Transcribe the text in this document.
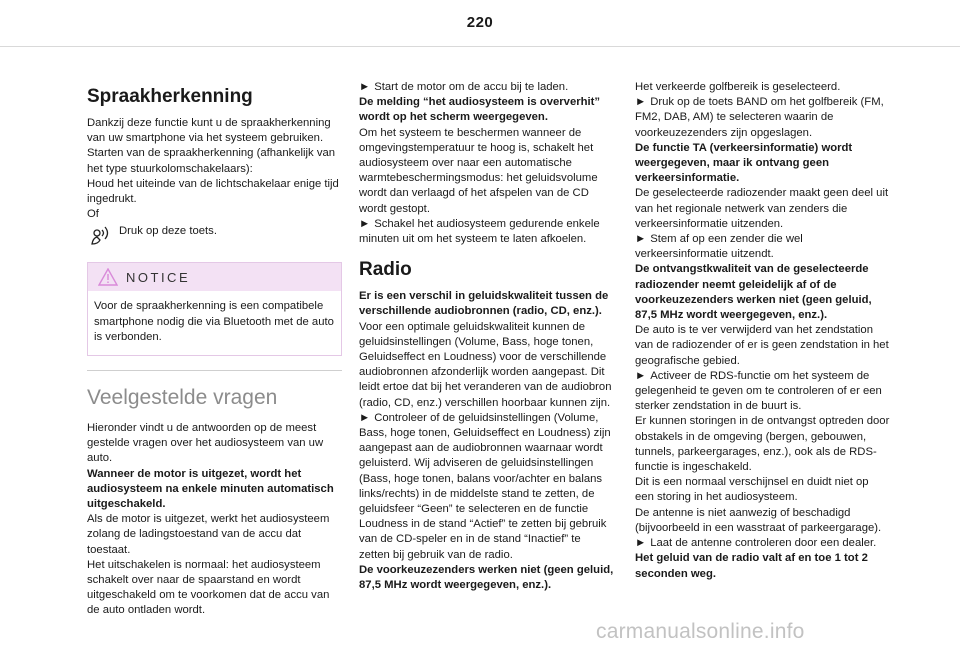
220
Spraakherkenning

Dankzij deze functie kunt u de spraakherkenning van uw smartphone via het systeem gebruiken.

Starten van de spraakherkenning (afhankelijk van het type stuurkolomschakelaars):

Houd het uiteinde van de lichtschakelaar enige tijd ingedrukt.

Of

Druk op deze toets.
NOTICE
Voor de spraakherkenning is een compatibele smartphone nodig die via Bluetooth met de auto is verbonden.
Veelgestelde vragen

Hieronder vindt u de antwoorden op de meest gestelde vragen over het audiosysteem van uw auto.

Wanneer de motor is uitgezet, wordt het audiosysteem na enkele minuten automatisch uitgeschakeld.

Als de motor is uitgezet, werkt het audiosysteem zolang de ladingstoestand van de accu dat toestaat.

Het uitschakelen is normaal: het audiosysteem schakelt over naar de spaarstand en wordt uitgeschakeld om te voorkomen dat de accu van de auto ontladen wordt.

► Start de motor om de accu bij te laden.

De melding “het audiosysteem is oververhit” wordt op het scherm weergegeven.

Om het systeem te beschermen wanneer de omgevingstemperatuur te hoog is, schakelt het audiosysteem over naar een automatische warmtebeschermingsmodus: het geluidsvolume wordt dan verlaagd of het afspelen van de CD wordt gestopt.

► Schakel het audiosysteem gedurende enkele minuten uit om het systeem te laten afkoelen.

Radio

Er is een verschil in geluidskwaliteit tussen de verschillende audiobronnen (radio, CD, enz.).

Voor een optimale geluidskwaliteit kunnen de geluidsinstellingen (Volume, Bass, hoge tonen, Geluidseffect en Loudness) voor de verschillende audiobronnen afzonderlijk worden aangepast. Dit leidt ertoe dat bij het veranderen van de audiobron (radio, CD, enz.) verschillen hoorbaar kunnen zijn.

► Controleer of de geluidsinstellingen (Volume, Bass, hoge tonen, Geluidseffect en Loudness) zijn aangepast aan de audiobronnen waarnaar wordt geluisterd. Wij adviseren de geluidsinstellingen (Bass, hoge tonen, balans voor/achter en balans links/rechts) in de middelste stand te zetten, de geluidsfeer “Geen” te selecteren en de functie Loudness in de stand “Actief” te zetten bij gebruik van de CD-speler en in de stand “Inactief” te zetten bij gebruik van de radio.

De voorkeuzezenders werken niet (geen geluid, 87,5 MHz wordt weergegeven, enz.).

Het verkeerde golfbereik is geselecteerd.

► Druk op de toets BAND om het golfbereik (FM, FM2, DAB, AM) te selecteren waarin de voorkeuzezenders zijn opgeslagen.

De functie TA (verkeersinformatie) wordt weergegeven, maar ik ontvang geen verkeersinformatie.

De geselecteerde radiozender maakt geen deel uit van het regionale netwerk van zenders die verkeersinformatie uitzenden.

► Stem af op een zender die wel verkeersinformatie uitzendt.

De ontvangstkwaliteit van de geselecteerde radiozender neemt geleidelijk af of de voorkeuzezenders werken niet (geen geluid, 87,5 MHz wordt weergegeven, enz.).

De auto is te ver verwijderd van het zendstation van de radiozender of er is geen zendstation in het geografische gebied.

► Activeer de RDS-functie om het systeem de gelegenheid te geven om te controleren of er een sterker zendstation in de buurt is.

Er kunnen storingen in de ontvangst optreden door obstakels in de omgeving (bergen, gebouwen, tunnels, parkeergarages, enz.), ook als de RDS-functie is ingeschakeld.

Dit is een normaal verschijnsel en duidt niet op een storing in het audiosysteem.

De antenne is niet aanwezig of beschadigd (bijvoorbeeld in een wasstraat of parkeergarage).

► Laat de antenne controleren door een dealer.

Het geluid van de radio valt af en toe 1 tot 2 seconden weg.

carmanualsonline.info
